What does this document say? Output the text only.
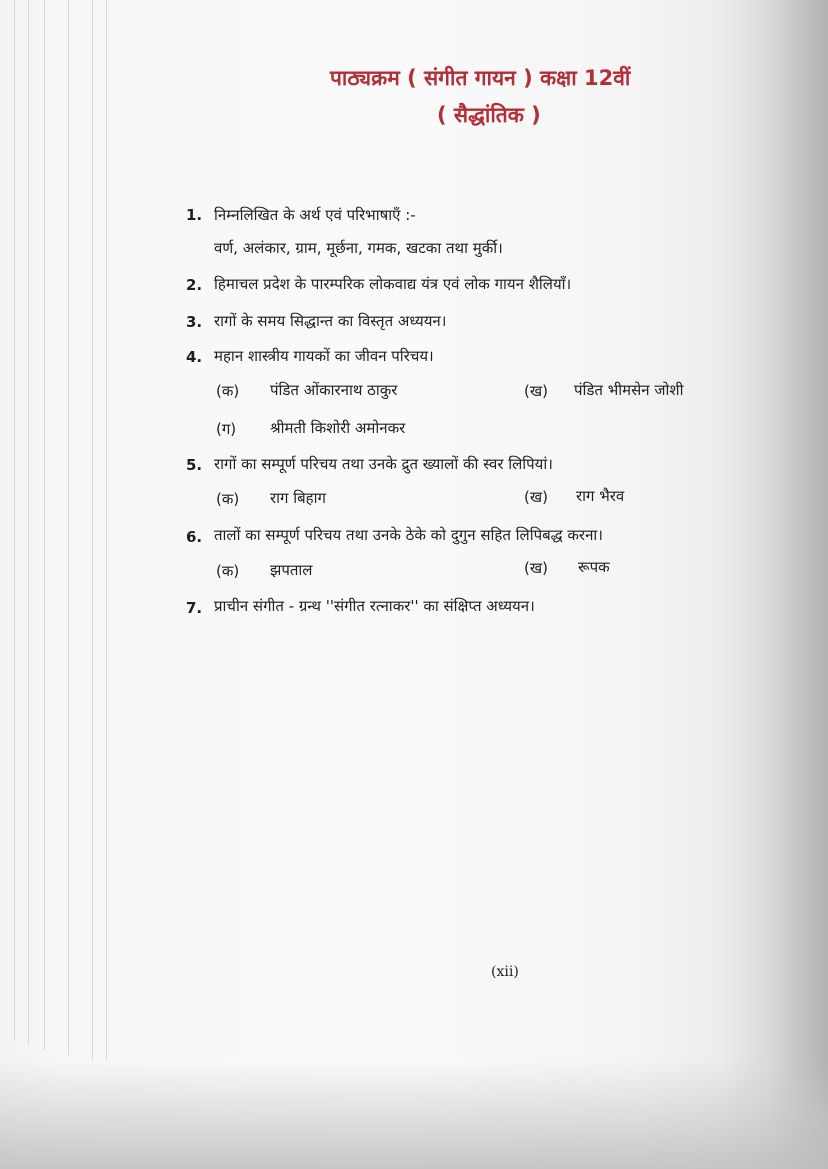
पाठ्यक्रम ( संगीत गायन ) कक्षा 12वीं
( सैद्धांतिक )
1. निम्नलिखित के अर्थ एवं परिभाषाएँ :-
वर्ण, अलंकार, ग्राम, मूर्छना, गमक, खटका तथा मुर्की।
2. हिमाचल प्रदेश के पारम्परिक लोकवाद्य यंत्र एवं लोक गायन शैलियाँ।
3. रागों के समय सिद्धान्त का विस्तृत अध्ययन।
4. महान शास्त्रीय गायकों का जीवन परिचय।
(क) पंडित ओंकारनाथ ठाकुर	(ख) पंडित भीमसेन जोशी
(ग) श्रीमती किशोरी अमोनकर
5. रागों का सम्पूर्ण परिचय तथा उनके द्रुत ख्यालों की स्वर लिपियां।
(क) राग बिहाग	(ख) राग भैरव
6. तालों का सम्पूर्ण परिचय तथा उनके ठेके को दुगुन सहित लिपिबद्ध करना।
(क) झपताल	(ख) रूपक
7. प्राचीन संगीत - ग्रन्थ ''संगीत रत्नाकर'' का संक्षिप्त अध्ययन।
(xii)
